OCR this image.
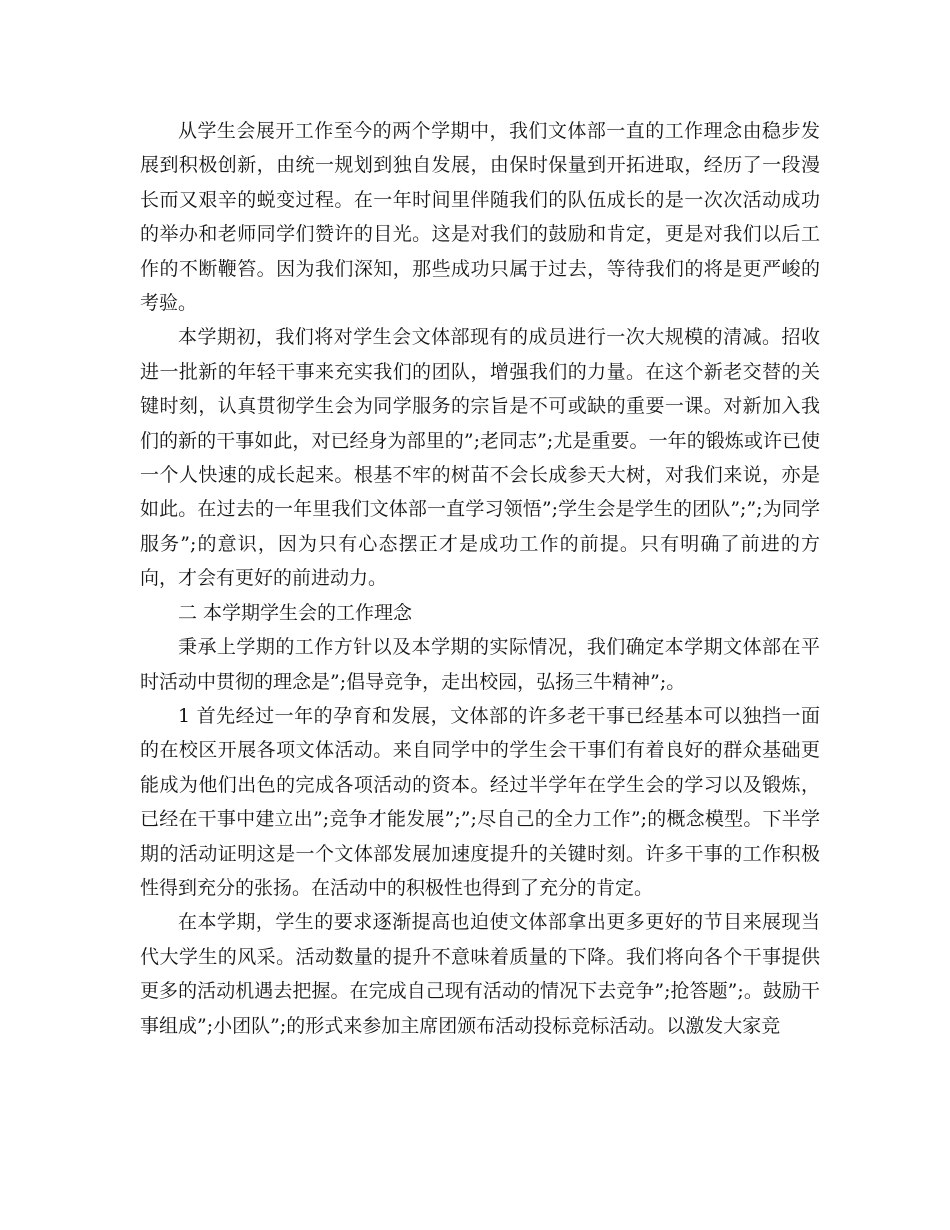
从学生会展开工作至今的两个学期中，我们文体部一直的工作理念由稳步发展到积极创新，由统一规划到独自发展，由保时保量到开拓进取，经历了一段漫长而又艰辛的蜕变过程。在一年时间里伴随我们的队伍成长的是一次次活动成功的举办和老师同学们赞许的目光。这是对我们的鼓励和肯定，更是对我们以后工作的不断鞭笞。因为我们深知，那些成功只属于过去，等待我们的将是更严峻的考验。

本学期初，我们将对学生会文体部现有的成员进行一次大规模的清减。招收进一批新的年轻干事来充实我们的团队，增强我们的力量。在这个新老交替的关键时刻，认真贯彻学生会为同学服务的宗旨是不可或缺的重要一课。对新加入我们的新的干事如此，对已经身为部里的”;老同志”;尤是重要。一年的锻炼或许已使一个人快速的成长起来。根基不牢的树苗不会长成参天大树，对我们来说，亦是如此。在过去的一年里我们文体部一直学习领悟”;学生会是学生的团队”;”;为同学服务”;的意识，因为只有心态摆正才是成功工作的前提。只有明确了前进的方向，才会有更好的前进动力。

二 本学期学生会的工作理念

秉承上学期的工作方针以及本学期的实际情况，我们确定本学期文体部在平时活动中贯彻的理念是”;倡导竞争，走出校园，弘扬三牛精神”;。

1 首先经过一年的孕育和发展，文体部的许多老干事已经基本可以独挡一面的在校区开展各项文体活动。来自同学中的学生会干事们有着良好的群众基础更能成为他们出色的完成各项活动的资本。经过半学年在学生会的学习以及锻炼，已经在干事中建立出”;竞争才能发展”;”;尽自己的全力工作”;的概念模型。下半学期的活动证明这是一个文体部发展加速度提升的关键时刻。许多干事的工作积极性得到充分的张扬。在活动中的积极性也得到了充分的肯定。

在本学期，学生的要求逐渐提高也迫使文体部拿出更多更好的节目来展现当代大学生的风采。活动数量的提升不意味着质量的下降。我们将向各个干事提供更多的活动机遇去把握。在完成自己现有活动的情况下去竞争”;抢答题”;。鼓励干事组成”;小团队”;的形式来参加主席团颁布活动投标竞标活动。以激发大家竞
